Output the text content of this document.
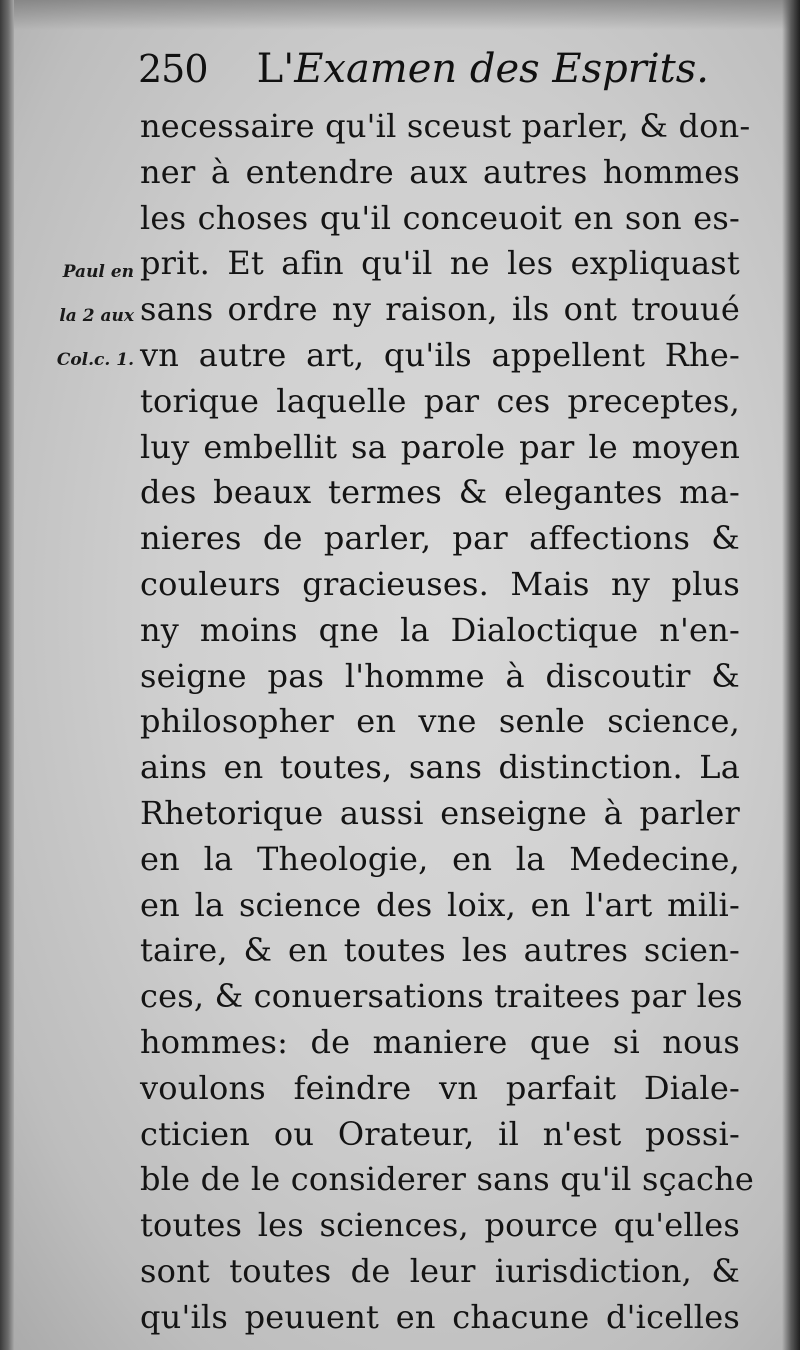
250 L'Examen des Esprits.
Paul en
la 2 aux
Col.c. 1.
necessaire qu'il sceust parler, & don-
ner à entendre aux autres hommes
les choses qu'il conceuoit en son es-
prit. Et afin qu'il ne les expliquast
sans ordre ny raison, ils ont trouué
vn autre art, qu'ils appellent Rhe-
torique laquelle par ces preceptes,
luy embellit sa parole par le moyen
des beaux termes & elegantes ma-
nieres de parler, par affections &
couleurs gracieuses. Mais ny plus
ny moins qne la Dialoctique n'en-
seigne pas l'homme à discoutir &
philosopher en vne senle science,
ains en toutes, sans distinction. La
Rhetorique aussi enseigne à parler
en la Theologie, en la Medecine,
en la science des loix, en l'art mili-
taire, & en toutes les autres scien-
ces, & conuersations traitees par les
hommes: de maniere que si nous
voulons feindre vn parfait Diale-
cticien ou Orateur, il n'est possi-
ble de le considerer sans qu'il sçache
toutes les sciences, pource qu'elles
sont toutes de leur iurisdiction, &
qu'ils peuuent en chacune d'icelles
